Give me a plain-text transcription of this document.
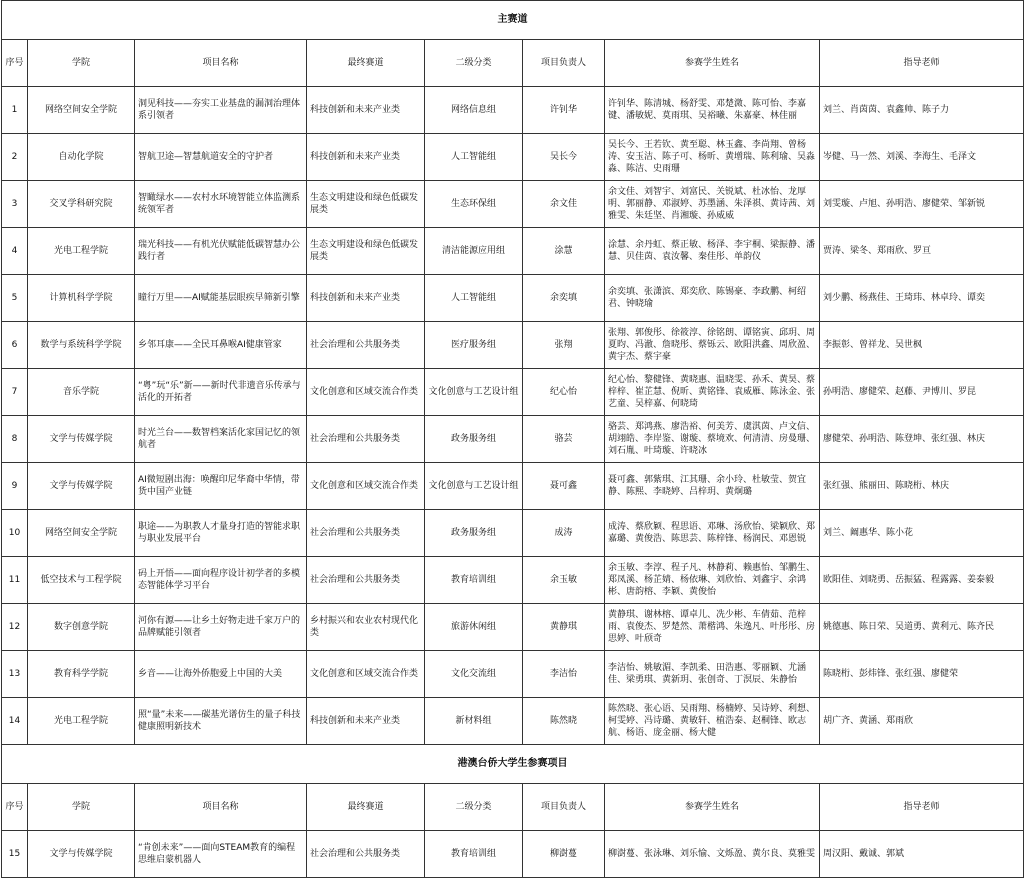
主赛道							
序号	学院	项目名称	最终赛道	二级分类	项目负责人	参赛学生姓名	指导老师
1	网络空间安全学院	洞见科技——夯实工业基盘的漏洞治理体系引领者	科技创新和未来产业类	网络信息组	许钊华	许钊华、陈清城、杨舒雯、邓楚溦、陈可怡、李嘉键、潘敏妮、莫雨琪、吴裕曦、朱嘉豪、林佳丽	刘兰、肖茵茵、袁鑫帅、陈子力
2	自动化学院	智航卫途—智慧航道安全的守护者	科技创新和未来产业类	人工智能组	吴长今	吴长今、王若钦、黄至聪、林玉鑫、李尚翔、曾杨涛、安玉洁、陈子可、杨昕、黄增瑞、陈利瑜、吴淼淼、陈洁、史雨珊	岑健、马一然、刘溪、李海生、毛泽文
3	交叉学科研究院	智瞰绿水——农村水环境智能立体监测系统领军者	生态文明建设和绿色低碳发展类	生态环保组	余文佳	余文佳、刘智宇、刘富民、关锐斌、杜冰怡、龙厚明、郭丽静、邓淑婷、苏墨涵、朱泽祺、黄诗茜、刘雅雯、朱廷坚、肖湘璇、孙威威	刘雯璇、卢旭、孙明浩、廖健荣、邹新锐
4	光电工程学院	瑞光科技——有机光伏赋能低碳智慧办公践行者	生态文明建设和绿色低碳发展类	清洁能源应用组	涂慧	涂慧、余丹虹、蔡正敏、杨泽、李宇桐、梁振静、潘慧、贝佳茵、袁汝馨、秦佳彤、单韵仪	贾涛、梁冬、郑雨欣、罗亘
5	计算机科学学院	瞳行万里——AI赋能基层眼疾早筛新引擎	科技创新和未来产业类	人工智能组	余奕填	余奕填、张潇滨、郑奕欣、陈锡豪、李政鹏、柯绍君、钟晓瑜	刘少鹏、杨燕佳、王琦玮、林卓玲、谭奕
6	数学与系统科学学院	乡邻耳康——全民耳鼻喉AI健康管家	社会治理和公共服务类	医疗服务组	张翔	张翔、郭俊彤、徐筱淳、徐铭朗、谭铭寅、邱玥、周夏昀、冯澈、詹晓彤、蔡铄云、欧阳洪鑫、周欣盈、黄宇杰、蔡宇豪	李振彰、曾祥龙、吴世枫
7	音乐学院	“粤”玩“乐”新——新时代非遗音乐传承与活化的开拓者	文化创意和区域交流合作类	文化创意与工艺设计组	纪心怡	纪心怡、黎健锋、黄晓惠、温晓雯、孙禾、黄昊、蔡梓梓、崔芷慧、倪昕、黄铭锋、袁威雁、陈泳金、张艺童、吴梓嘉、何晓琦	孙明浩、廖健荣、赵藤、尹博川、罗昆
8	文学与传媒学院	时光兰台——数智档案活化家国记忆的领航者	社会治理和公共服务类	政务服务组	骆芸	骆芸、郑鸿燕、廖浩裕、何美芳、虞淇茵、卢文信、胡翊皓、李岸鉴、谢璇、蔡境欢、何清清、房曼珊、刘石胤、叶琦璇、许晓冰	廖健荣、孙明浩、陈登坤、张红强、林庆
9	文学与传媒学院	AI微短剧出海：唤醒印尼华裔中华情，带货中国产业链	文化创意和区域交流合作类	文化创意与工艺设计组	聂可鑫	聂可鑫、郭紫琪、江其珊、余小玲、杜敏莹、贺宜静、陈熙、李晓婷、吕梓玥、黄炯璐	张红强、熊丽田、陈晓桁、林庆
10	网络空间安全学院	职途——为职教人才量身打造的智能求职与职业发展平台	社会治理和公共服务类	政务服务组	成涛	成涛、蔡欣颖、程思语、邓琳、汤欣怡、梁颖欣、郑嘉璐、黄俊浩、陈思芸、陈梓锋、杨润民、邓恩锐	刘兰、阚惠华、陈小花
11	低空技术与工程学院	码上开悟——面向程序设计初学者的多模态智能体学习平台	社会治理和公共服务类	教育培训组	余玉敏	余玉敏、李淳、程子凡、林静莉、赖惠怡、邹鹏生、郑凤溪、杨芷婧、杨依琳、刘欣怡、刘鑫宇、余鸿彬、唐韵榕、李颖、黄俊怡	欧阳佳、刘晓勇、岳振猛、程露露、姜泰毅
12	数字创意学院	河你有源——让乡土好物走进千家万户的品牌赋能引领者	乡村振兴和农业农村现代化类	旅游休闲组	黄静琪	黄静琪、谢林榕、谭卓儿、冼少彬、车倩茹、范梓雨、袁俊杰、罗楚然、萧楷鸿、朱逸凡、叶彤彤、房思婷、叶颀奇	姚德惠、陈日荣、吴道勇、黄利元、陈齐民
13	教育科学学院	乡音——让海外侨胞爱上中国的大美	文化创意和区域交流合作类	文化交流组	李洁怡	李洁怡、姚敏湄、李凯柔、田浩惠、零丽颖、尤涵佳、梁勇琪、黄新玥、张创奇、丁溟辰、朱静怡	陈晓桁、彭炜锋、张红强、廖健荣
14	光电工程学院	照“量”未来——碳基光谱仿生的量子科技健康照明新技术	科技创新和未来产业类	新材料组	陈然晓	陈然晓、张心语、吴雨翔、杨楠婷、吴诗婷、利想、柯雯婷、冯诗璐、黄敏轩、植浩泰、赵桐锋、欧志航、杨语、庞金丽、杨大健	胡广齐、黄涵、郑雨欣
港澳台侨大学生参赛项目							
序号	学院	项目名称	最终赛道	二级分类	项目负责人	参赛学生姓名	指导老师
15	文学与传媒学院	“肯创未来”——面向STEAM教育的编程思维启蒙机器人	社会治理和公共服务类	教育培训组	柳澍蔓	柳澍蔓、张泳琳、刘乐愉、文烁盈、黄尔良、莫雅雯	周汉阳、戴诚、郭斌
